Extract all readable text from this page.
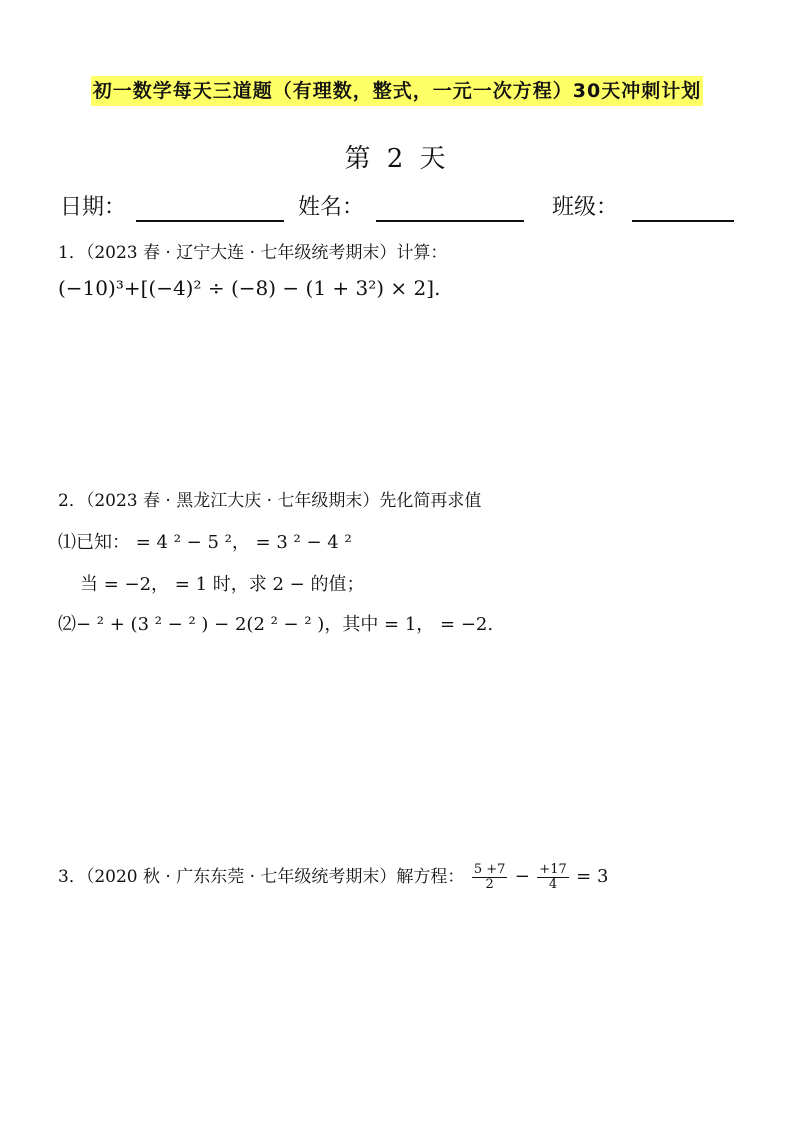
初一数学每天三道题（有理数，整式，一元一次方程）30天冲刺计划
第 2 天
日期：	姓名：	班级：
1．（2023 春 · 辽宁大连 · 七年级统考期末）计算：
(−10)³+[(−4)² ÷ (−8) − (1 + 3²) × 2].
2．（2023 春 · 黑龙江大庆 · 七年级期末）先化简再求值
⑴已知： = 4 ² − 5 ²， = 3 ² − 4 ²
当 = −2， = 1 时，求 2 − 的值；
⑵− ² + (3 ² − ² ) − 2(2 ² − ² )，其中 = 1， = −2.
3．（2020 秋 · 广东东莞 · 七年级统考期末）解方程： $\frac{5 +7}{2} - \frac{+17}{4} = 3$
